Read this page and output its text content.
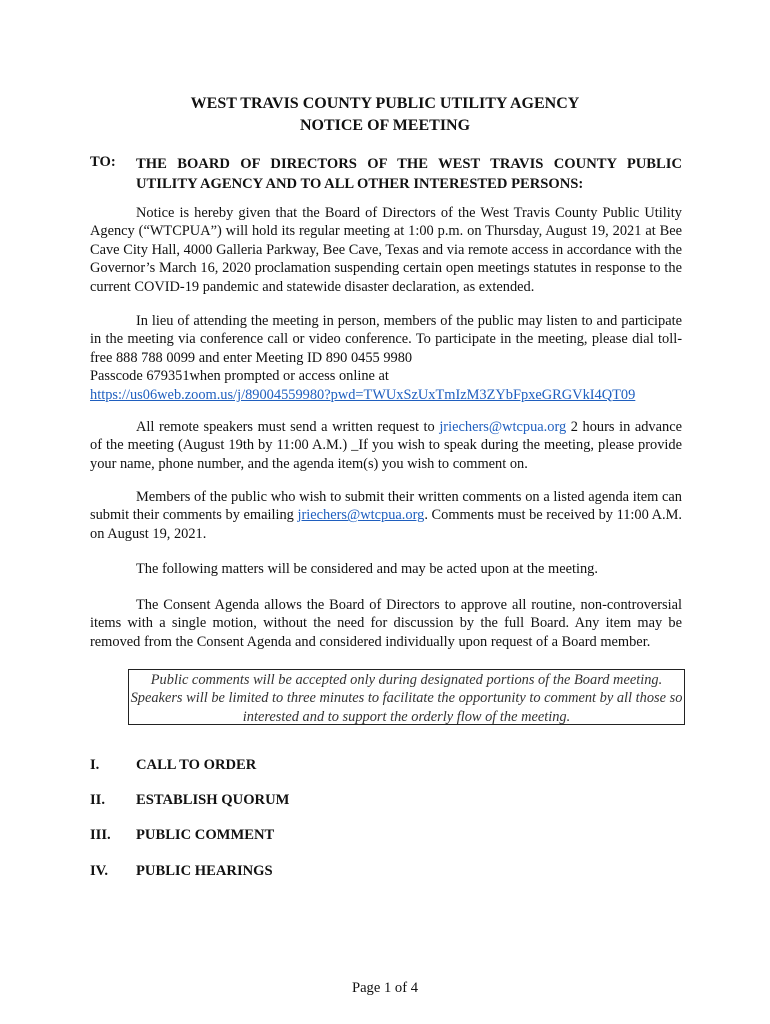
WEST TRAVIS COUNTY PUBLIC UTILITY AGENCY
NOTICE OF MEETING
TO: THE BOARD OF DIRECTORS OF THE WEST TRAVIS COUNTY PUBLIC UTILITY AGENCY AND TO ALL OTHER INTERESTED PERSONS:
Notice is hereby given that the Board of Directors of the West Travis County Public Utility Agency (“WTCPUA”) will hold its regular meeting at 1:00 p.m. on Thursday, August 19, 2021 at Bee Cave City Hall, 4000 Galleria Parkway, Bee Cave, Texas and via remote access in accordance with the Governor’s March 16, 2020 proclamation suspending certain open meetings statutes in response to the current COVID-19 pandemic and statewide disaster declaration, as extended.
In lieu of attending the meeting in person, members of the public may listen to and participate in the meeting via conference call or video conference. To participate in the meeting, please dial toll-free 888 788 0099 and enter Meeting ID 890 0455 9980
Passcode 679351when prompted or access online at
https://us06web.zoom.us/j/89004559980?pwd=TWUxSzUxTmIzM3ZYbFpxeGRGVkI4QT09
All remote speakers must send a written request to jriechers@wtcpua.org 2 hours in advance of the meeting (August 19th by 11:00 A.M.) _If you wish to speak during the meeting, please provide your name, phone number, and the agenda item(s) you wish to comment on.
Members of the public who wish to submit their written comments on a listed agenda item can submit their comments by emailing jriechers@wtcpua.org. Comments must be received by 11:00 A.M. on August 19, 2021.
The following matters will be considered and may be acted upon at the meeting.
The Consent Agenda allows the Board of Directors to approve all routine, non-controversial items with a single motion, without the need for discussion by the full Board. Any item may be removed from the Consent Agenda and considered individually upon request of a Board member.
Public comments will be accepted only during designated portions of the Board meeting. Speakers will be limited to three minutes to facilitate the opportunity to comment by all those so interested and to support the orderly flow of the meeting.
I.	CALL TO ORDER
II. ESTABLISH QUORUM
III. PUBLIC COMMENT
IV. PUBLIC HEARINGS
Page 1 of 4
